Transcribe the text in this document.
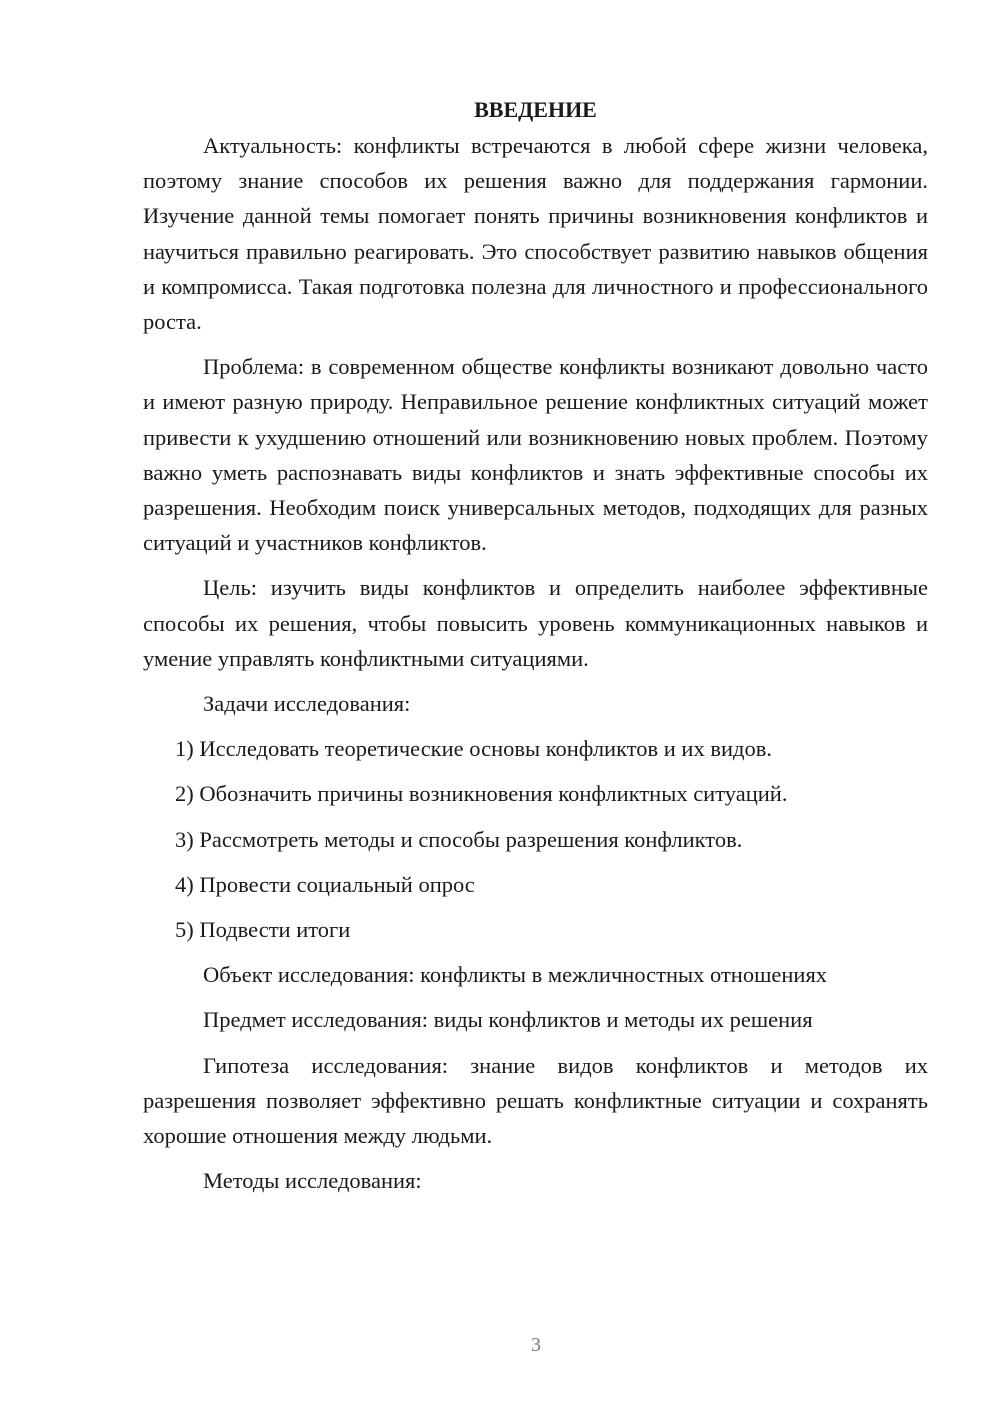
ВВЕДЕНИЕ

Актуальность: конфликты встречаются в любой сфере жизни человека, поэтому знание способов их решения важно для поддержания гармонии. Изучение данной темы помогает понять причины возникновения конфликтов и научиться правильно реагировать. Это способствует развитию навыков общения и компромисса. Такая подготовка полезна для личностного и профессионального роста.

Проблема: в современном обществе конфликты возникают довольно часто и имеют разную природу. Неправильное решение конфликтных ситуаций может привести к ухудшению отношений или возникновению новых проблем. Поэтому важно уметь распознавать виды конфликтов и знать эффективные способы их разрешения. Необходим поиск универсальных методов, подходящих для разных ситуаций и участников конфликтов.

Цель: изучить виды конфликтов и определить наиболее эффективные способы их решения, чтобы повысить уровень коммуникационных навыков и умение управлять конфликтными ситуациями.

Задачи исследования:

1) Исследовать теоретические основы конфликтов и их видов.
2) Обозначить причины возникновения конфликтных ситуаций.
3) Рассмотреть методы и способы разрешения конфликтов.
4) Провести социальный опрос
5) Подвести итоги

Объект исследования: конфликты в межличностных отношениях

Предмет исследования: виды конфликтов и методы их решения

Гипотеза исследования: знание видов конфликтов и методов их разрешения позволяет эффективно решать конфликтные ситуации и сохранять хорошие отношения между людьми.

Методы исследования:

3
